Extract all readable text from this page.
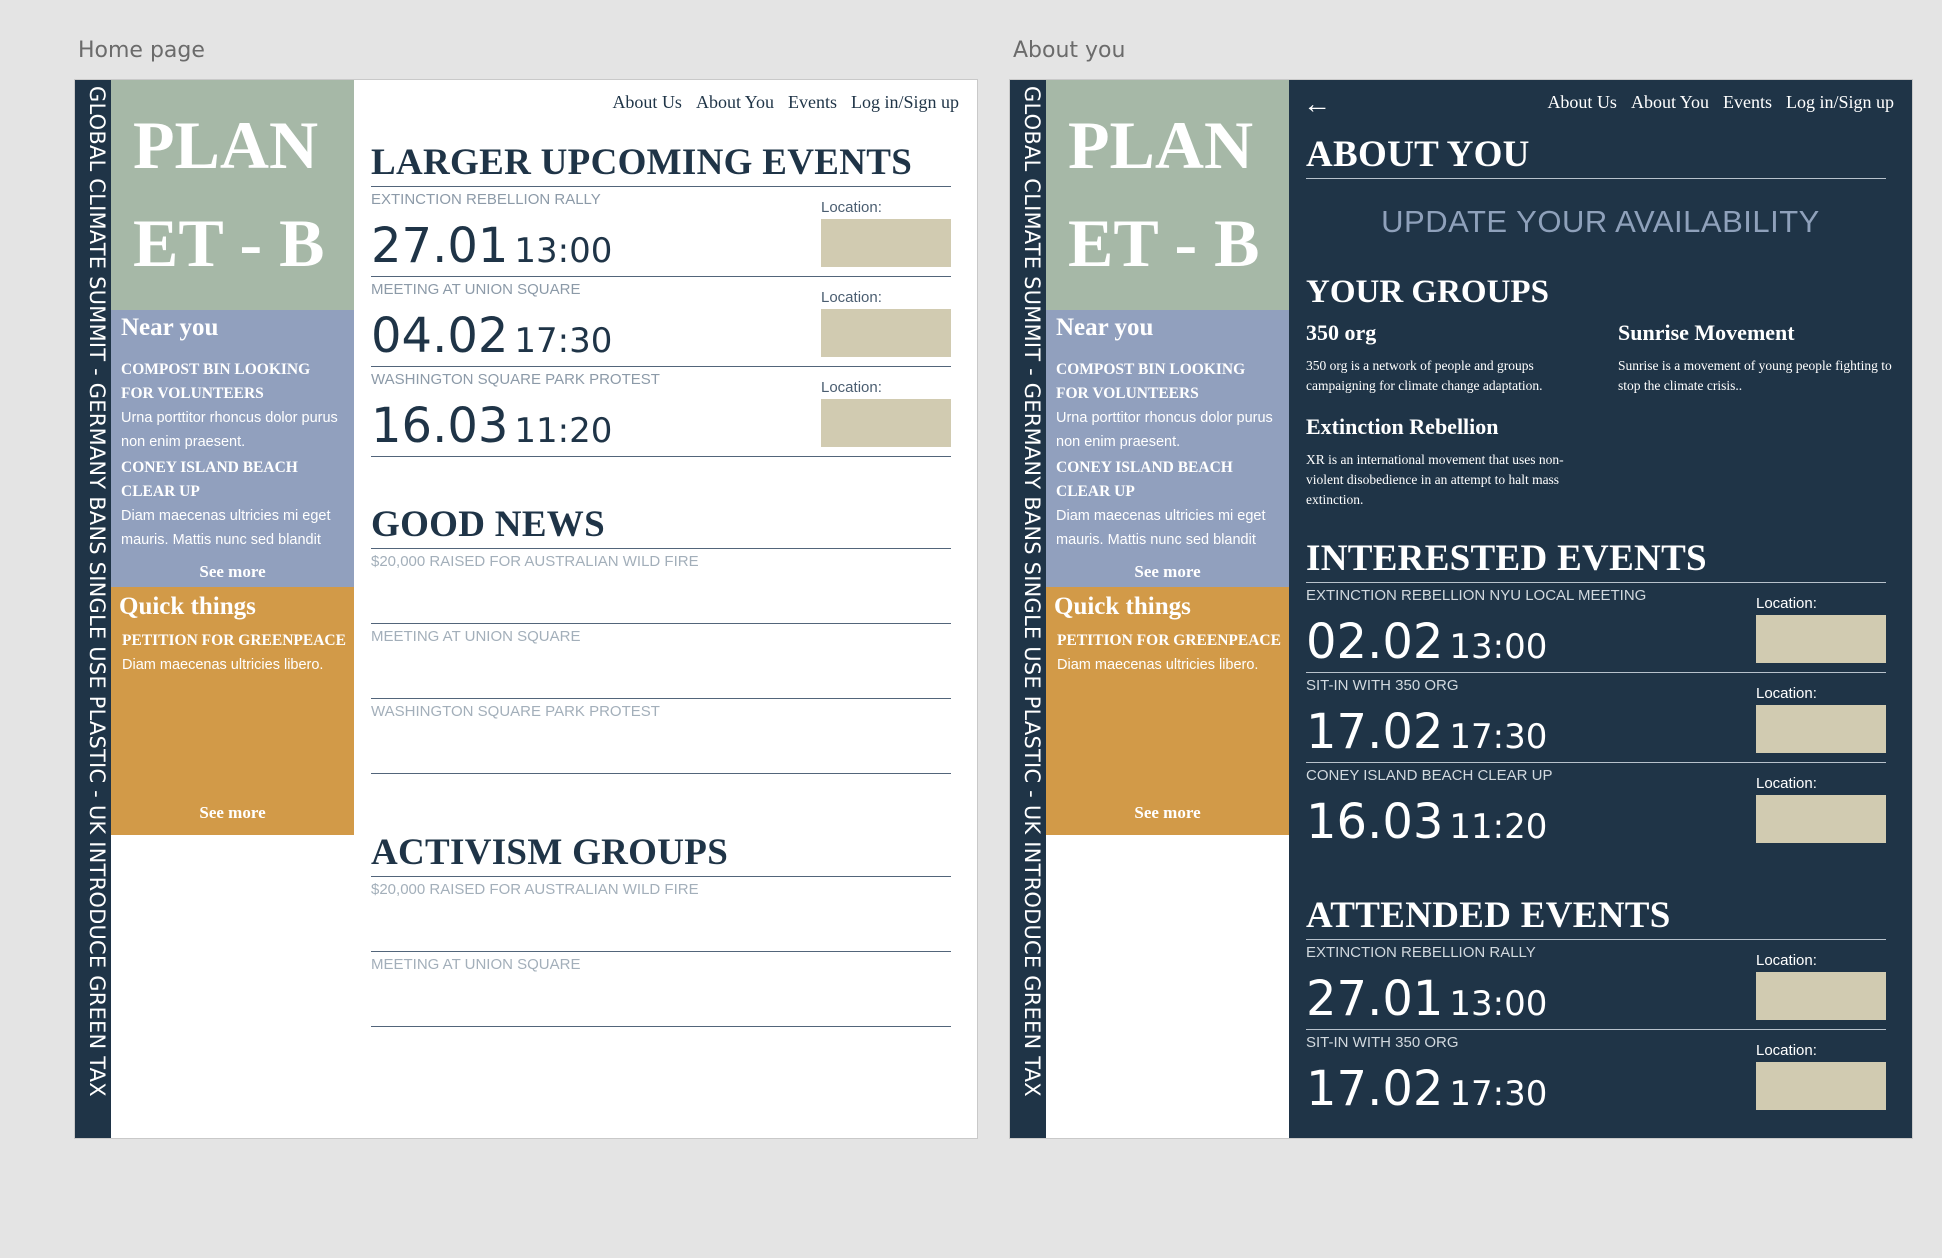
Home page
GLOBAL CLIMATE SUMMIT - GERMANY BANS SINGLE USE PLASTIC - UK INTRODUCE GREEN TAX PLAN
ET - B
Near you
COMPOST BIN LOOKING FOR VOLUNTEERS
Urna porttitor rhoncus dolor purus non enim praesent.
CONEY ISLAND BEACH CLEAR UP
Diam maecenas ultricies mi eget mauris. Mattis nunc sed blandit
See more
Quick things
PETITION FOR GREENPEACE
Diam maecenas ultricies libero.
See more
About Us About You Events Log in/Sign up
LARGER UPCOMING EVENTS
EXTINCTION REBELLION RALLY
27.01 13:00
Location:
MEETING AT UNION SQUARE
04.02 17:30
Location:
WASHINGTON SQUARE PARK PROTEST
16.03 11:20
Location:
GOOD NEWS
$20,000 RAISED FOR AUSTRALIAN WILD FIRE
MEETING AT UNION SQUARE
WASHINGTON SQUARE PARK PROTEST
ACTIVISM GROUPS
$20,000 RAISED FOR AUSTRALIAN WILD FIRE
MEETING AT UNION SQUARE
About you
GLOBAL CLIMATE SUMMIT - GERMANY BANS SINGLE USE PLASTIC - UK INTRODUCE GREEN TAX PLAN
ET - B
Near you
COMPOST BIN LOOKING FOR VOLUNTEERS
Urna porttitor rhoncus dolor purus non enim praesent.
CONEY ISLAND BEACH CLEAR UP
Diam maecenas ultricies mi eget mauris. Mattis nunc sed blandit
See more
Quick things
PETITION FOR GREENPEACE
Diam maecenas ultricies libero.
See more
←	About Us About You Events Log in/Sign up
ABOUT YOU
UPDATE YOUR AVAILABILITY
YOUR GROUPS
350 org
350 org is a network of people and groups campaigning for climate change adaptation.
Sunrise Movement
Sunrise is a movement of young people fighting to stop the climate crisis..
Extinction Rebellion
XR is an international movement that uses non-violent disobedience in an attempt to halt mass extinction.
INTERESTED EVENTS
EXTINCTION REBELLION NYU LOCAL MEETING
02.02 13:00
Location:
SIT-IN WITH 350 ORG
17.02 17:30
Location:
CONEY ISLAND BEACH CLEAR UP
16.03 11:20
Location:
ATTENDED EVENTS
EXTINCTION REBELLION RALLY
27.01 13:00
Location:
SIT-IN WITH 350 ORG
17.02 17:30
Location:
